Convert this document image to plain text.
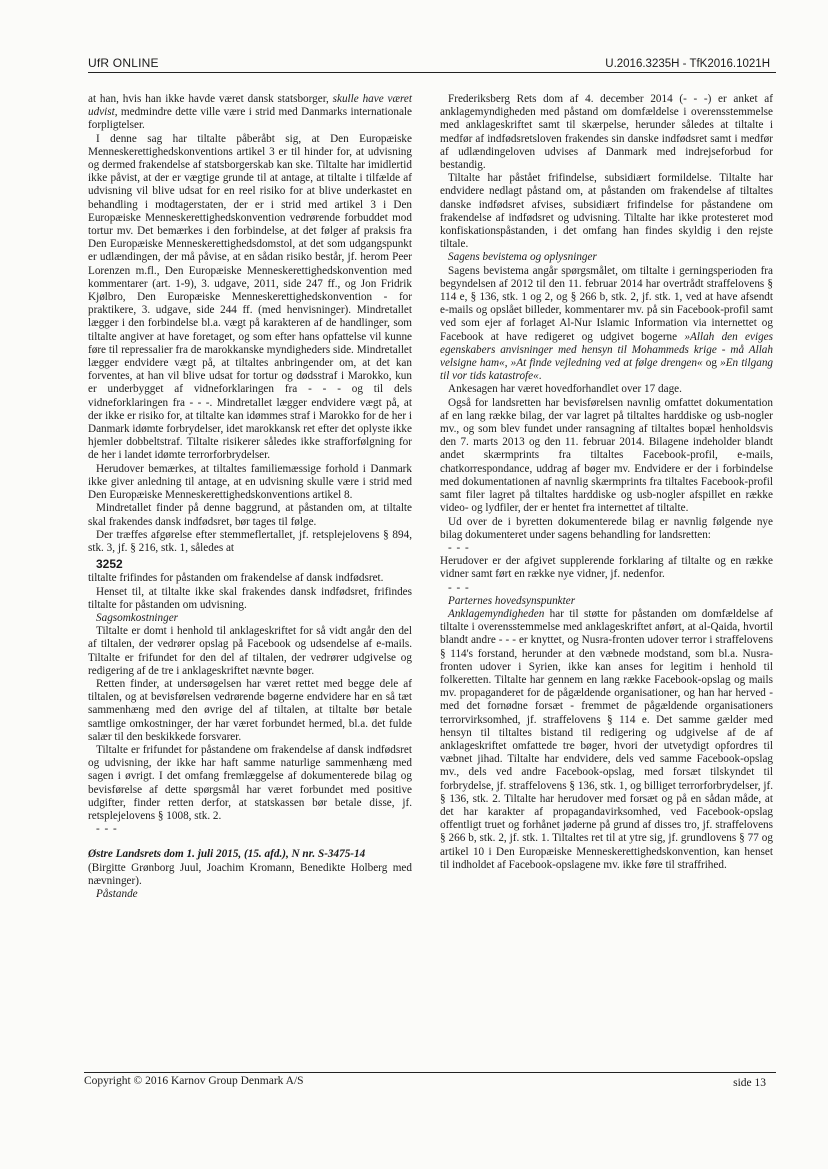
UfR ONLINE	U.2016.3235H - TfK2016.1021H

at han, hvis han ikke havde været dansk statsborger, skulle have været udvist, medmindre dette ville være i strid med Danmarks internationale forpligtelser.

I denne sag har tiltalte påberåbt sig, at Den Europæiske Menneskerettighedskonventions artikel 3 er til hinder for, at udvisning og dermed frakendelse af statsborgerskab kan ske. Tiltalte har imidlertid ikke påvist, at der er vægtige grunde til at antage, at tiltalte i tilfælde af udvisning vil blive udsat for en reel risiko for at blive underkastet en behandling i modtagerstaten, der er i strid med artikel 3 i Den Europæiske Menneskerettighedskonvention vedrørende forbuddet mod tortur mv. Det bemærkes i den forbindelse, at det følger af praksis fra Den Europæiske Menneskerettighedsdomstol, at det som udgangspunkt er udlændingen, der må påvise, at en sådan risiko består, jf. herom Peer Lorenzen m.fl., Den Europæiske Menneskerettighedskonvention med kommentarer (art. 1-9), 3. udgave, 2011, side 247 ff., og Jon Fridrik Kjølbro, Den Europæiske Menneskerettighedskonvention - for praktikere, 3. udgave, side 244 ff. (med henvisninger). Mindretallet lægger i den forbindelse bl.a. vægt på karakteren af de handlinger, som tiltalte angiver at have foretaget, og som efter hans opfattelse vil kunne føre til repressalier fra de marokkanske myndigheders side. Mindretallet lægger endvidere vægt på, at tiltaltes anbringender om, at det kan forventes, at han vil blive udsat for tortur og dødsstraf i Marokko, kun er underbygget af vidneforklaringen fra - - - og til dels vidneforklaringen fra - - -. Mindretallet lægger endvidere vægt på, at der ikke er risiko for, at tiltalte kan idømmes straf i Marokko for de her i Danmark idømte forbrydelser, idet marokkansk ret efter det oplyste ikke hjemler dobbeltstraf. Tiltalte risikerer således ikke strafforfølgning for de her i landet idømte terrorforbrydelser.

Herudover bemærkes, at tiltaltes familiemæssige forhold i Danmark ikke giver anledning til antage, at en udvisning skulle være i strid med Den Europæiske Menneskerettighedskonventions artikel 8.

Mindretallet finder på denne baggrund, at påstanden om, at tiltalte skal frakendes dansk indfødsret, bør tages til følge.

Der træffes afgørelse efter stemmeflertallet, jf. retsplejelovens § 894, stk. 3, jf. § 216, stk. 1, således at

3252

tiltalte frifindes for påstanden om frakendelse af dansk indfødsret.

Henset til, at tiltalte ikke skal frakendes dansk indfødsret, frifindes tiltalte for påstanden om udvisning.

Sagsomkostninger

Tiltalte er domt i henhold til anklageskriftet for så vidt angår den del af tiltalen, der vedrører opslag på Facebook og udsendelse af e-mails. Tiltalte er frifundet for den del af tiltalen, der vedrører udgivelse og redigering af de tre i anklageskriftet nævnte bøger.

Retten finder, at undersøgelsen har været rettet med begge dele af tiltalen, og at bevisførelsen vedrørende bøgerne endvidere har en så tæt sammenhæng med den øvrige del af tiltalen, at tiltalte bør betale samtlige omkostninger, der har været forbundet hermed, bl.a. det fulde salær til den beskikkede forsvarer.

Tiltalte er frifundet for påstandene om frakendelse af dansk indfødsret og udvisning, der ikke har haft samme naturlige sammenhæng med sagen i øvrigt. I det omfang fremlæggelse af dokumenterede bilag og bevisførelse af dette spørgsmål har været forbundet med positive udgifter, finder retten derfor, at statskassen bør betale disse, jf. retsplejelovens § 1008, stk. 2.

- - -

Østre Landsrets dom 1. juli 2015, (15. afd.), N nr. S-3475-14
(Birgitte Grønborg Juul, Joachim Kromann, Benedikte Holberg med nævninger).

Påstande

Frederiksberg Rets dom af 4. december 2014 (- - -) er anket af anklagemyndigheden med påstand om domfældelse i overensstemmelse med anklageskriftet samt til skærpelse, herunder således at tiltalte i medfør af indfødsretsloven frakendes sin danske indfødsret samt i medfør af udlændingeloven udvises af Danmark med indrejseforbud for bestandig.

Tiltalte har påstået frifindelse, subsidiært formildelse. Tiltalte har endvidere nedlagt påstand om, at påstanden om frakendelse af tiltaltes danske indfødsret afvises, subsidiært frifindelse for påstandene om frakendelse af indfødsret og udvisning. Tiltalte har ikke protesteret mod konfiskationspåstanden, i det omfang han findes skyldig i den rejste tiltale.

Sagens bevistema og oplysninger

Sagens bevistema angår spørgsmålet, om tiltalte i gerningsperioden fra begyndelsen af 2012 til den 11. februar 2014 har overtrådt straffelovens § 114 e, § 136, stk. 1 og 2, og § 266 b, stk. 2, jf. stk. 1, ved at have afsendt e-mails og opslået billeder, kommentarer mv. på sin Facebook-profil samt ved som ejer af forlaget Al-Nur Islamic Information via internettet og Facebook at have redigeret og udgivet bogerne »Allah den eviges egenskabers anvisninger med hensyn til Mohammeds krige - må Allah velsigne ham«, »At finde vejledning ved at følge drengen« og »En tilgang til vor tids katastrofe«.

Ankesagen har været hovedforhandlet over 17 dage.

Også for landsretten har bevisførelsen navnlig omfattet dokumentation af en lang række bilag, der var lagret på tiltaltes harddiske og usb-nogler mv., og som blev fundet under ransagning af tiltaltes bopæl henholdsvis den 7. marts 2013 og den 11. februar 2014. Bilagene indeholder blandt andet skærmprints fra tiltaltes Facebook-profil, e-mails, chatkorrespondance, uddrag af bøger mv. Endvidere er der i forbindelse med dokumentationen af navnlig skærmprints fra tiltaltes Facebook-profil samt filer lagret på tiltaltes harddiske og usb-nogler afspillet en række video- og lydfiler, der er hentet fra internettet af tiltalte.

Ud over de i byretten dokumenterede bilag er navnlig følgende nye bilag dokumenteret under sagens behandling for landsretten:

- - -

Herudover er der afgivet supplerende forklaring af tiltalte og en række vidner samt ført en række nye vidner, jf. nedenfor.

- - -

Parternes hovedsynspunkter

Anklagemyndigheden har til støtte for påstanden om domfældelse af tiltalte i overensstemmelse med anklageskriftet anført, at al-Qaida, hvortil blandt andre - - - er knyttet, og Nusra-fronten udover terror i straffelovens § 114's forstand, herunder at den væbnede modstand, som bl.a. Nusra-fronten udover i Syrien, ikke kan anses for legitim i henhold til folkeretten. Tiltalte har gennem en lang række Facebook-opslag og mails mv. propaganderet for de pågældende organisationer, og han har herved - med det fornødne forsæt - fremmet de pågældende organisationers terrorvirksomhed, jf. straffelovens § 114 e. Det samme gælder med hensyn til tiltaltes bistand til redigering og udgivelse af de af anklageskriftet omfattede tre bøger, hvori der utvetydigt opfordres til væbnet jihad. Tiltalte har endvidere, dels ved samme Facebook-opslag mv., dels ved andre Facebook-opslag, med forsæt tilskyndet til forbrydelse, jf. straffelovens § 136, stk. 1, og billiget terrorforbrydelser, jf. § 136, stk. 2. Tiltalte har herudover med forsæt og på en sådan måde, at det har karakter af propagandavirksomhed, ved Facebook-opslag offentligt truet og forhånet jøderne på grund af disses tro, jf. straffelovens § 266 b, stk. 2, jf. stk. 1. Tiltaltes ret til at ytre sig, jf. grundlovens § 77 og artikel 10 i Den Europæiske Menneskerettighedskonvention, kan henset til indholdet af Facebook-opslagene mv. ikke føre til straffrihed.

Copyright © 2016 Karnov Group Denmark A/S	side 13
